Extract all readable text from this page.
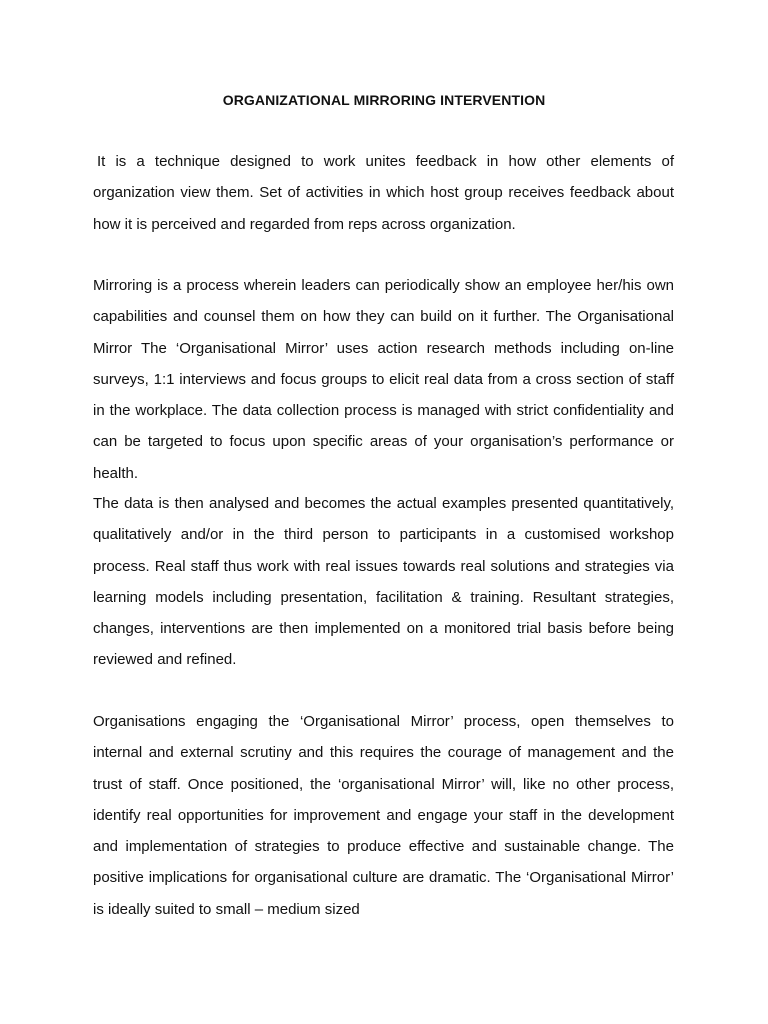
ORGANIZATIONAL MIRRORING INTERVENTION

It is a technique designed to work unites feedback in how other elements of organization view them. Set of activities in which host group receives feedback about how it is perceived and regarded from reps across organization.

Mirroring is a process wherein leaders can periodically show an employee her/his own capabilities and counsel them on how they can build on it further. The Organisational Mirror The ‘Organisational Mirror’ uses action research methods including on-line surveys, 1:1 interviews and focus groups to elicit real data from a cross section of staff in the workplace. The data collection process is managed with strict confidentiality and can be targeted to focus upon specific areas of your organisation’s performance or health.

The data is then analysed and becomes the actual examples presented quantitatively, qualitatively and/or in the third person to participants in a customised workshop process. Real staff thus work with real issues towards real solutions and strategies via learning models including presentation, facilitation & training. Resultant strategies, changes, interventions are then implemented on a monitored trial basis before being reviewed and refined.

Organisations engaging the ‘Organisational Mirror’ process, open themselves to internal and external scrutiny and this requires the courage of management and the trust of staff. Once positioned, the ‘organisational Mirror’ will, like no other process, identify real opportunities for improvement and engage your staff in the development and implementation of strategies to produce effective and sustainable change. The positive implications for organisational culture are dramatic. The ‘Organisational Mirror’ is ideally suited to small – medium sized
